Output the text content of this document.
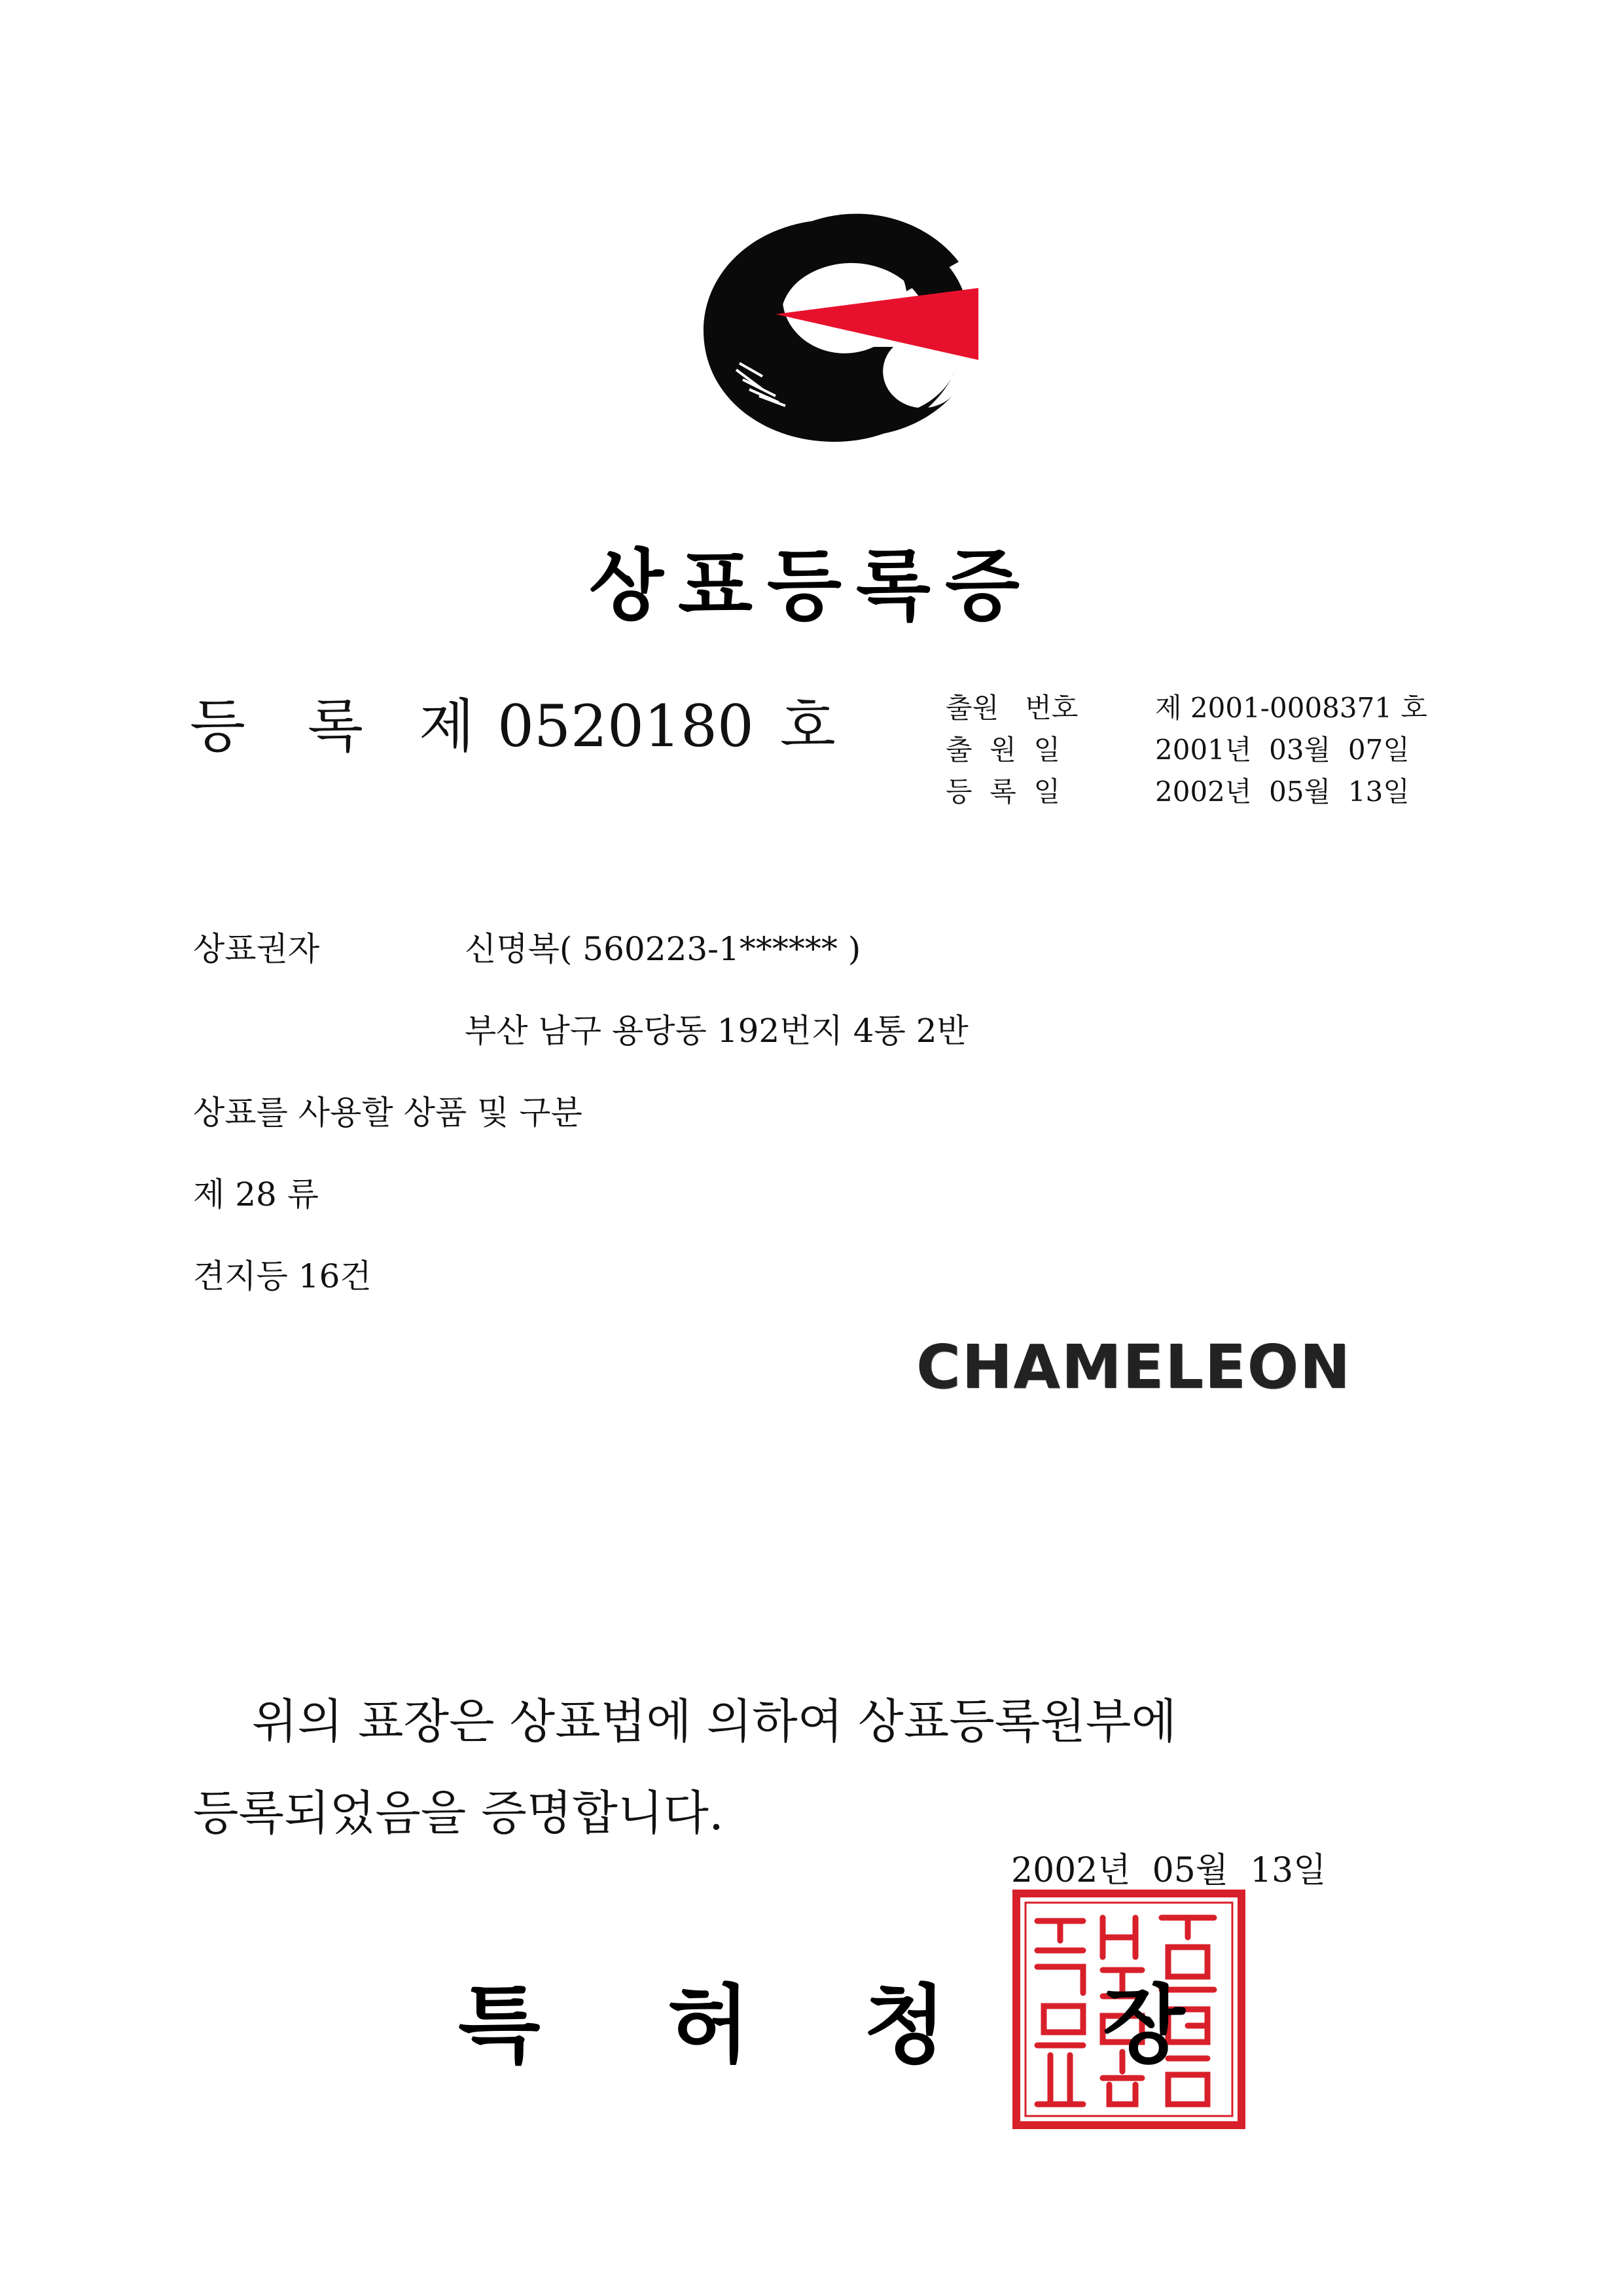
상표등록증
등 록 제 0520180 호	출원   번호	제 2001-0008371 호
출  원  일	2001년  03월  07일
등  록  일	2002년  05월  13일
상표권자	신명복( 560223-1****** )
부산 남구 용당동 192번지 4통 2반
상표를 사용할 상품 및 구분
제 28 류
견지등 16건
CHAMELEON
위의 표장은 상표법에 의하여 상표등록원부에
등록되었음을 증명합니다.
2002년  05월  13일
특 허 청 장
